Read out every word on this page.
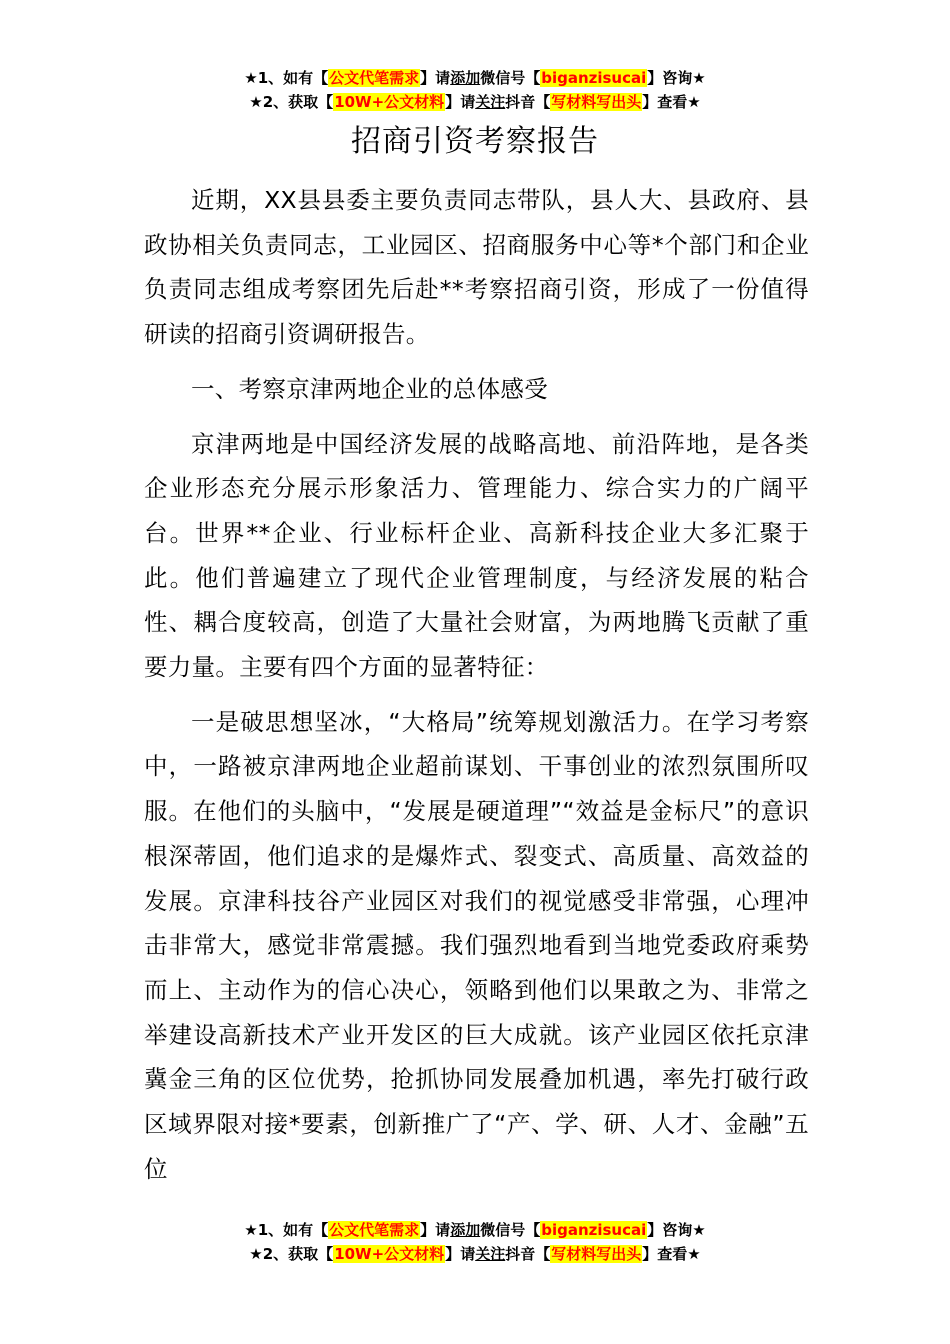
★1、如有【公文代笔需求】请添加微信号【biganzisucai】咨询★
★2、获取【10W+公文材料】请关注抖音【写材料写出头】查看★
招商引资考察报告

近期，XX县县委主要负责同志带队，县人大、县政府、县政协相关负责同志，工业园区、招商服务中心等*个部门和企业负责同志组成考察团先后赴**考察招商引资，形成了一份值得研读的招商引资调研报告。

一、考察京津两地企业的总体感受

京津两地是中国经济发展的战略高地、前沿阵地，是各类企业形态充分展示形象活力、管理能力、综合实力的广阔平台。世界**企业、行业标杆企业、高新科技企业大多汇聚于此。他们普遍建立了现代企业管理制度，与经济发展的粘合性、耦合度较高，创造了大量社会财富，为两地腾飞贡献了重要力量。主要有四个方面的显著特征：

一是破思想坚冰，“大格局”统筹规划激活力。在学习考察中，一路被京津两地企业超前谋划、干事创业的浓烈氛围所叹服。在他们的头脑中，“发展是硬道理”“效益是金标尺”的意识根深蒂固，他们追求的是爆炸式、裂变式、高质量、高效益的发展。京津科技谷产业园区对我们的视觉感受非常强，心理冲击非常大，感觉非常震撼。我们强烈地看到当地党委政府乘势而上、主动作为的信心决心，领略到他们以果敢之为、非常之举建设高新技术产业开发区的巨大成就。该产业园区依托京津冀金三角的区位优势，抢抓协同发展叠加机遇，率先打破行政区域界限对接*要素，创新推广了“产、学、研、人才、金融”五位

★1、如有【公文代笔需求】请添加微信号【biganzisucai】咨询★
★2、获取【10W+公文材料】请关注抖音【写材料写出头】查看★
